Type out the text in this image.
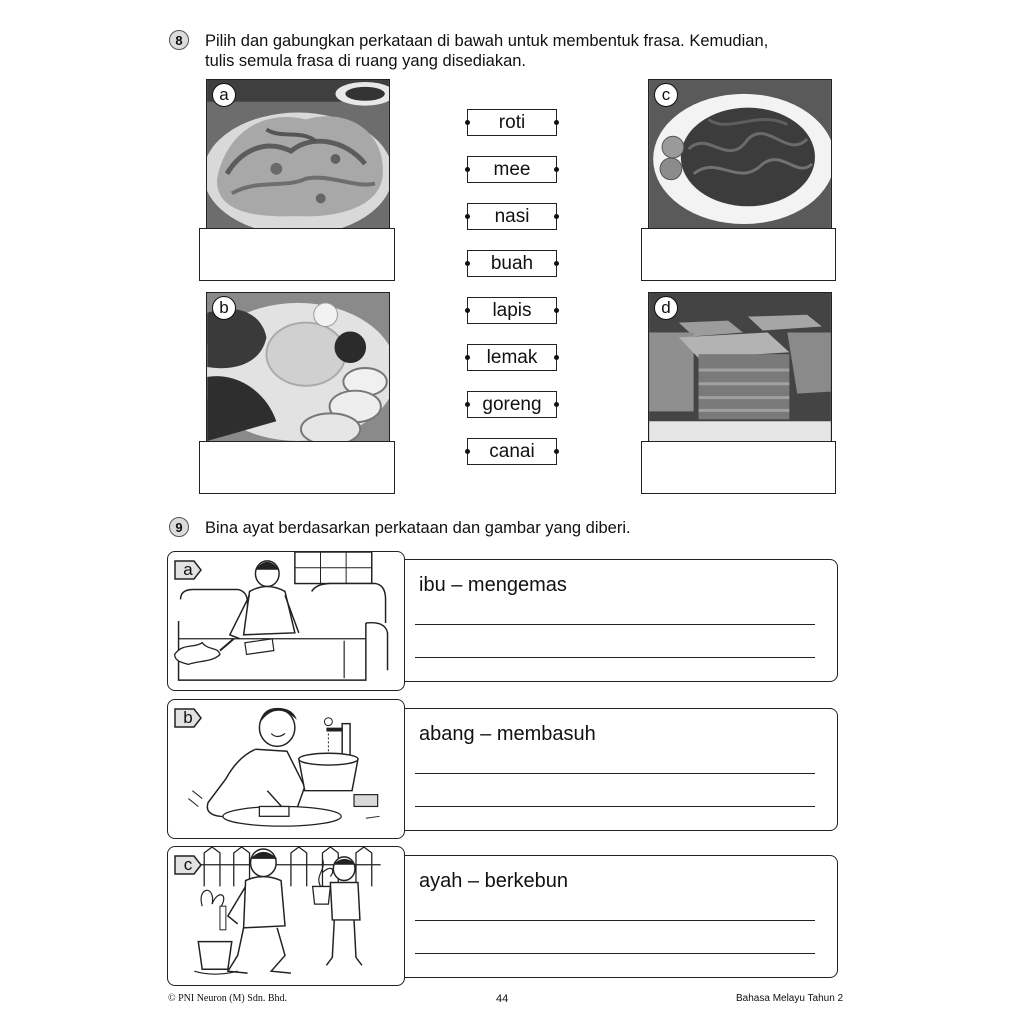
8	Pilih dan gabungkan perkataan di bawah untuk membentuk frasa. Kemudian,
tulis semula frasa di ruang yang disediakan.
a
b
c
d
roti
mee
nasi
buah
lapis
lemak
goreng
canai
9	Bina ayat berdasarkan perkataan dan gambar yang diberi.
ibu – mengemas
a
abang – membasuh
b
ayah – berkebun
c
© PNI Neuron (M) Sdn. Bhd.	44	Bahasa Melayu Tahun 2
